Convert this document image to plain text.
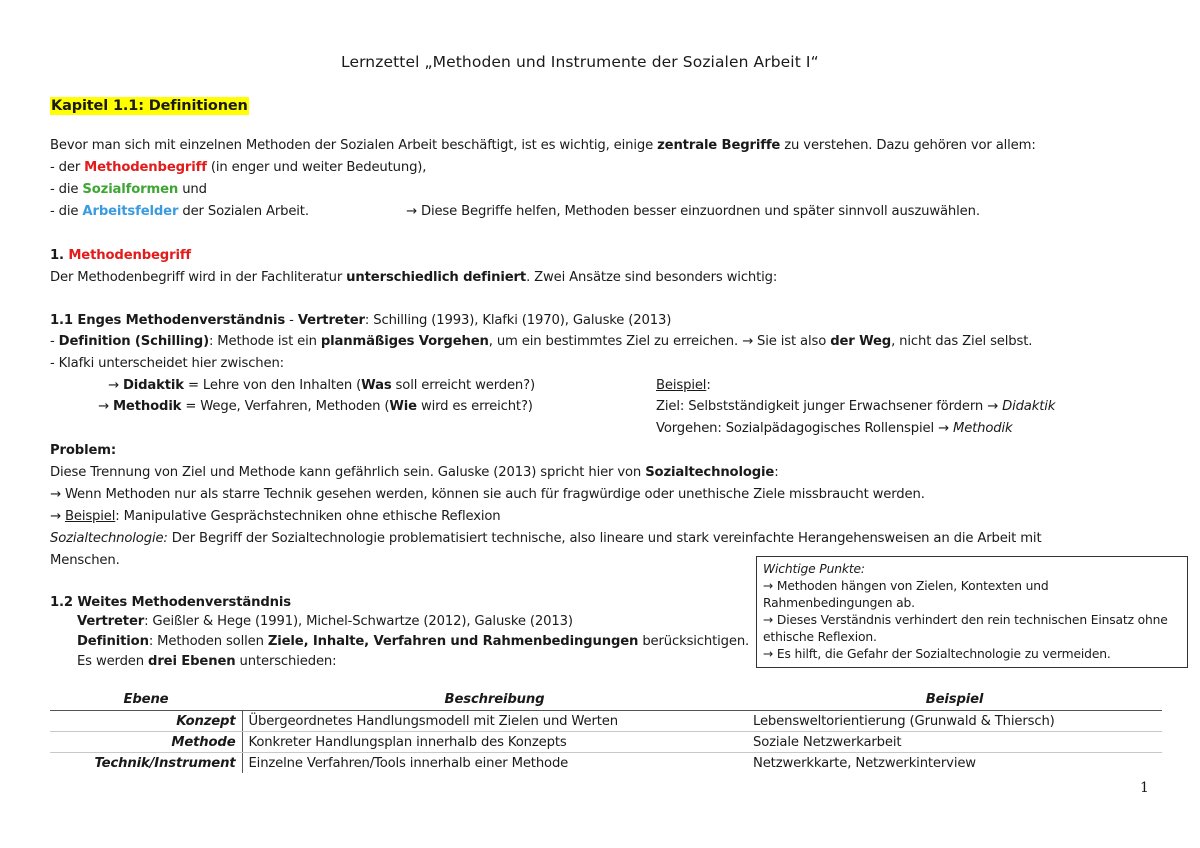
Lernzettel „Methoden und Instrumente der Sozialen Arbeit I“
Kapitel 1.1: Definitionen
Bevor man sich mit einzelnen Methoden der Sozialen Arbeit beschäftigt, ist es wichtig, einige zentrale Begriffe zu verstehen. Dazu gehören vor allem:
- der Methodenbegriff (in enger und weiter Bedeutung),
- die Sozialformen und
- die Arbeitsfelder der Sozialen Arbeit.	→ Diese Begriffe helfen, Methoden besser einzuordnen und später sinnvoll auszuwählen.
1. Methodenbegriff
Der Methodenbegriff wird in der Fachliteratur unterschiedlich definiert. Zwei Ansätze sind besonders wichtig:
1.1 Enges Methodenverständnis - Vertreter: Schilling (1993), Klafki (1970), Galuske (2013)
- Definition (Schilling): Methode ist ein planmäßiges Vorgehen, um ein bestimmtes Ziel zu erreichen. → Sie ist also der Weg, nicht das Ziel selbst.
- Klafki unterscheidet hier zwischen:
→ Didaktik = Lehre von den Inhalten (Was soll erreicht werden?)
→ Methodik = Wege, Verfahren, Methoden (Wie wird es erreicht?)
Beispiel:
Ziel: Selbstständigkeit junger Erwachsener fördern → Didaktik
Vorgehen: Sozialpädagogisches Rollenspiel → Methodik
Problem:
Diese Trennung von Ziel und Methode kann gefährlich sein. Galuske (2013) spricht hier von Sozialtechnologie:
→ Wenn Methoden nur als starre Technik gesehen werden, können sie auch für fragwürdige oder unethische Ziele missbraucht werden.
→ Beispiel: Manipulative Gesprächstechniken ohne ethische Reflexion
Sozialtechnologie: Der Begriff der Sozialtechnologie problematisiert technische, also lineare und stark vereinfachte Herangehensweisen an die Arbeit mit
Menschen.
Wichtige Punkte:
→ Methoden hängen von Zielen, Kontexten und
Rahmenbedingungen ab.
→ Dieses Verständnis verhindert den rein technischen Einsatz ohne
ethische Reflexion.
→ Es hilft, die Gefahr der Sozialtechnologie zu vermeiden.
1.2 Weites Methodenverständnis
Vertreter: Geißler & Hege (1991), Michel-Schwartze (2012), Galuske (2013)
Definition: Methoden sollen Ziele, Inhalte, Verfahren und Rahmenbedingungen berücksichtigen.
Es werden drei Ebenen unterschieden:
Ebene	Beschreibung	Beispiel
Konzept	Übergeordnetes Handlungsmodell mit Zielen und Werten	Lebensweltorientierung (Grunwald & Thiersch)
Methode	Konkreter Handlungsplan innerhalb des Konzepts	Soziale Netzwerkarbeit
Technik/Instrument	Einzelne Verfahren/Tools innerhalb einer Methode	Netzwerkkarte, Netzwerkinterview
1
